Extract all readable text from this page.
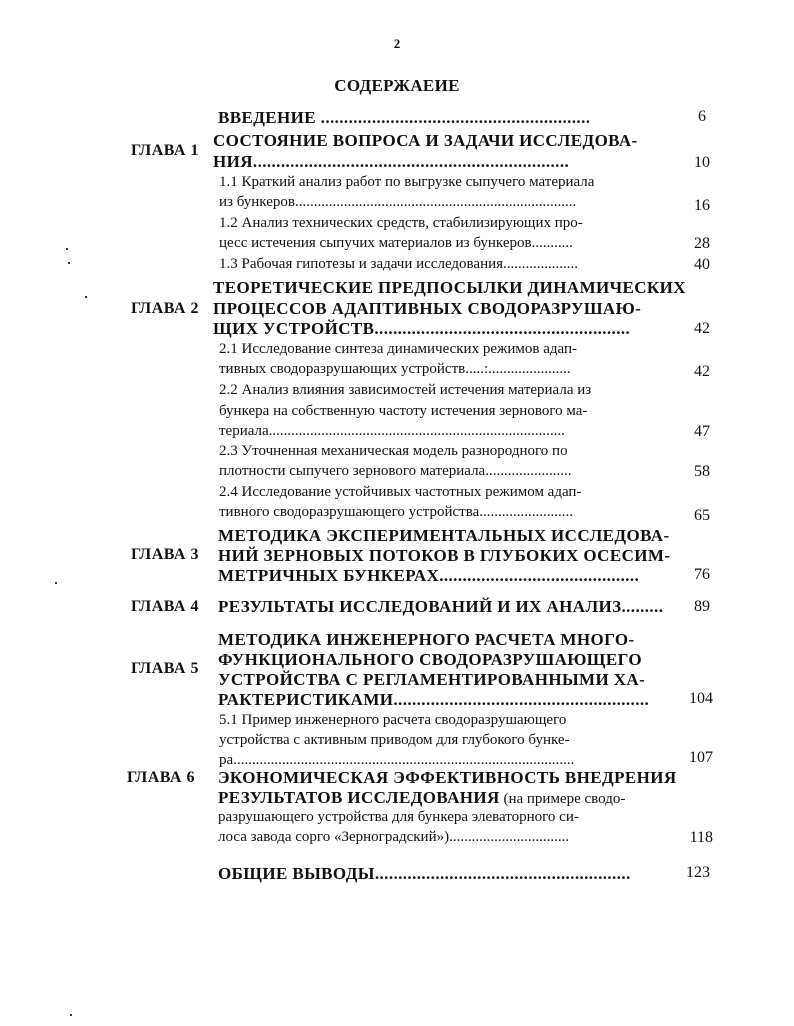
2
СОДЕРЖАЕИЕ
ВВЕДЕНИЕ ..........................................................	6
ГЛАВА 1
СОСТОЯНИЕ ВОПРОСА И ЗАДАЧИ ИССЛЕДОВА-
НИЯ....................................................................	10
1.1 Краткий анализ работ по выгрузке сыпучего материала
из бункеров...........................................................................	16
1.2 Анализ технических средств, стабилизирующих про-
цесс истечения сыпучих материалов из бункеров...........	28
1.3 Рабочая гипотезы и задачи исследования....................	40
ТЕОРЕТИЧЕСКИЕ ПРЕДПОСЫЛКИ ДИНАМИЧЕСКИХ
ГЛАВА 2 ПРОЦЕССОВ АДАПТИВНЫХ СВОДОРАЗРУШАЮ-
ЩИХ УСТРОЙСТВ.......................................................	42
2.1 Исследование синтеза динамических режимов адап-
тивных сводоразрушающих устройств.....:......................	42
2.2 Анализ влияния зависимостей истечения материала из
бункера на собственную частоту истечения зернового ма-
териала...............................................................................	47
2.3 Уточненная механическая модель разнородного по
плотности сыпучего зернового материала.......................	58
2.4 Исследование устойчивых частотных режимом адап-
тивного сводоразрушающего устройства.........................	65
МЕТОДИКА ЭКСПЕРИМЕНТАЛЬНЫХ ИССЛЕДОВА-
ГЛАВА 3 НИЙ ЗЕРНОВЫХ ПОТОКОВ В ГЛУБОКИХ ОСЕСИМ-
МЕТРИЧНЫХ БУНКЕРАХ...........................................	76
ГЛАВА 4 РЕЗУЛЬТАТЫ ИССЛЕДОВАНИЙ И ИХ АНАЛИЗ.........	89
МЕТОДИКА ИНЖЕНЕРНОГО РАСЧЕТА МНОГО-
ФУНКЦИОНАЛЬНОГО СВОДОРАЗРУШАЮЩЕГО
ГЛАВА 5
УСТРОЙСТВА С РЕГЛАМЕНТИРОВАННЫМИ ХА-
РАКТЕРИСТИКАМИ.......................................................	104
5.1 Пример инженерного расчета сводоразрушающего
устройства с активным приводом для глубокого бунке-
ра...........................................................................................	107
ГЛАВА 6 ЭКОНОМИЧЕСКАЯ ЭФФЕКТИВНОСТЬ ВНЕДРЕНИЯ
РЕЗУЛЬТАТОВ ИССЛЕДОВАНИЯ (на примере сводо-
разрушающего устройства для бункера элеваторного си-
лоса завода сорго «Зерноградский»)................................	118
ОБЩИЕ ВЫВОДЫ.......................................................	123
